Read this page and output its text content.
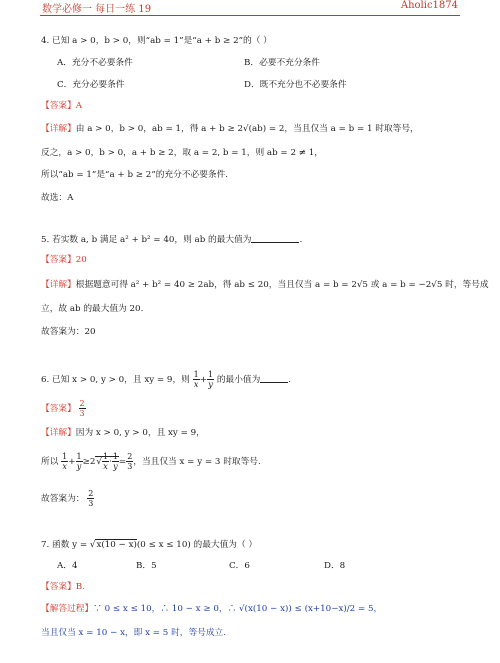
数学必修一 每日一练 19	Aholic1874
4. 已知 a > 0，b > 0，则“ab = 1”是“a + b ≥ 2”的（ ）
A．充分不必要条件	B．必要不充分条件
C．充分必要条件	D．既不充分也不必要条件
【答案】A
【详解】由 a > 0，b > 0，ab = 1，得 a + b ≥ 2√(ab) = 2，当且仅当 a = b = 1 时取等号，
反之，a > 0，b > 0，a + b ≥ 2，取 a = 2, b = 1，则 ab = 2 ≠ 1，
所以“ab = 1”是“a + b ≥ 2”的充分不必要条件.
故选：A
5. 若实数 a, b 满足 a² + b² = 40，则 ab 的最大值为	.
【答案】20
【详解】根据题意可得 a² + b² = 40 ≥ 2ab，得 ab ≤ 20，当且仅当 a = b = 2√5 或 a = b = −2√5 时，等号成
立，故 ab 的最大值为 20.
故答案为：20
6. 已知 x > 0, y > 0，且 xy = 9，则 $\frac{1}{x} + \frac{1}{y}$ 的最小值为	.
【答案】 $\frac{2}{3}$
【详解】因为 x > 0, y > 0，且 xy = 9，
所以 $\frac{1}{x} + \frac{1}{y} \ge 2√ \frac{1}{x} \cdot \frac{1}{y} = \frac{2}{3}$ ，当且仅当 x = y = 3 时取等号.
故答案为： $\frac{2}{3}$
7. 函数 y = √x(10 − x)(0 ≤ x ≤ 10) 的最大值为（ ）
A．4	B．5	C．6	D．8
【答案】B.
【解答过程】∵ 0 ≤ x ≤ 10，∴ 10 − x ≥ 0，∴ √(x(10 − x)) ≤ (x+10−x)/2 = 5，
当且仅当 x = 10 − x，即 x = 5 时，等号成立.
